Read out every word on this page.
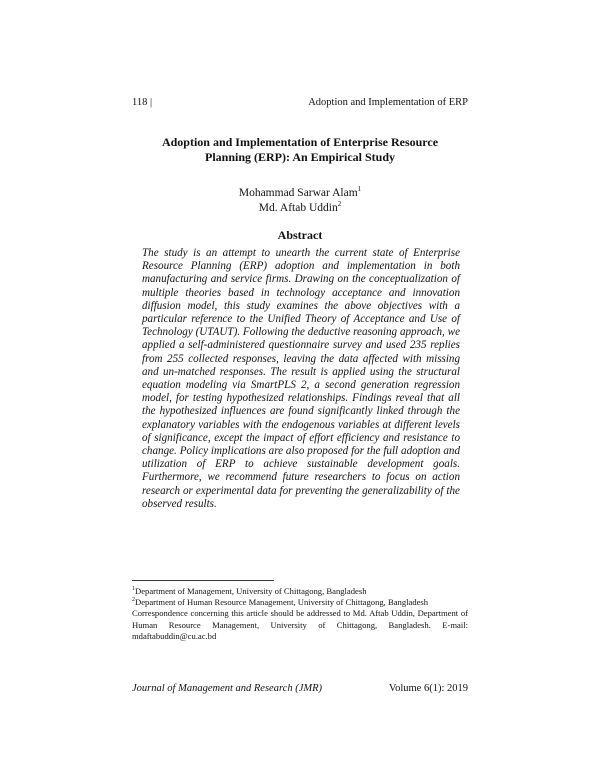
118 |	Adoption and Implementation of ERP
Adoption and Implementation of Enterprise Resource
Planning (ERP): An Empirical Study
Mohammad Sarwar Alam$^1$
Md. Aftab Uddin$^2$
Abstract

The study is an attempt to unearth the current state of Enterprise Resource Planning (ERP) adoption and implementation in both manufacturing and service firms. Drawing on the conceptualization of multiple theories based in technology acceptance and innovation diffusion model, this study examines the above objectives with a particular reference to the Unified Theory of Acceptance and Use of Technology (UTAUT). Following the deductive reasoning approach, we applied a self-administered questionnaire survey and used 235 replies from 255 collected responses, leaving the data affected with missing and un-matched responses. The result is applied using the structural equation modeling via SmartPLS 2, a second generation regression model, for testing hypothesized relationships. Findings reveal that all the hypothesized influences are found significantly linked through the explanatory variables with the endogenous variables at different levels of significance, except the impact of effort efficiency and resistance to change. Policy implications are also proposed for the full adoption and utilization of ERP to achieve sustainable development goals. Furthermore, we recommend future researchers to focus on action research or experimental data for preventing the generalizability of the observed results.

$^1$Department of Management, University of Chittagong, Bangladesh

$^2$Department of Human Resource Management, University of Chittagong, Bangladesh

Correspondence concerning this article should be addressed to Md. Aftab Uddin, Department of Human Resource Management, University of Chittagong, Bangladesh. E-mail: mdaftabuddin@cu.ac.bd

Journal of Management and Research (JMR)	Volume 6(1): 2019
